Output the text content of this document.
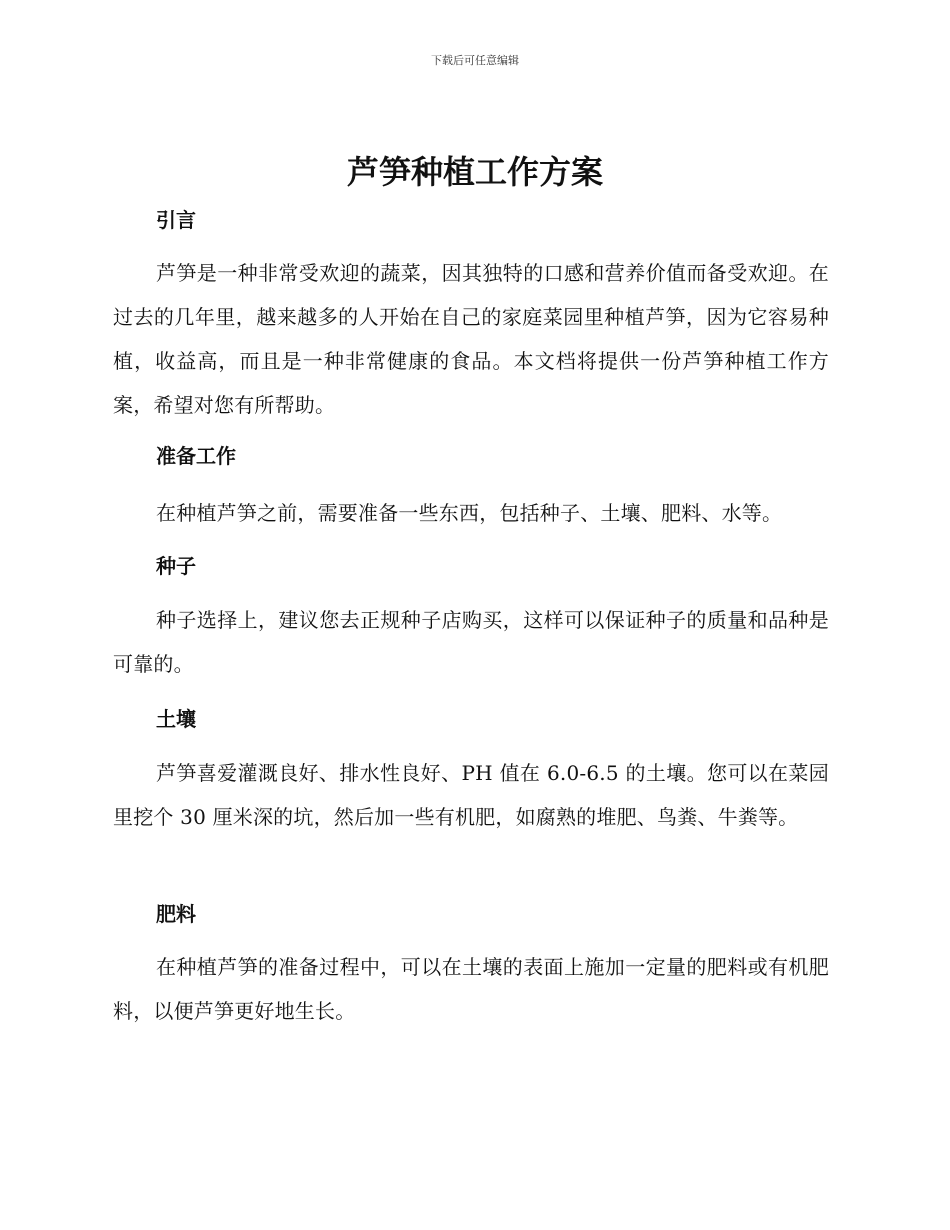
下载后可任意编辑
芦笋种植工作方案
引言

芦笋是一种非常受欢迎的蔬菜，因其独特的口感和营养价值而备受欢迎。在过去的几年里，越来越多的人开始在自己的家庭菜园里种植芦笋，因为它容易种植，收益高，而且是一种非常健康的食品。本文档将提供一份芦笋种植工作方案，希望对您有所帮助。

准备工作

在种植芦笋之前，需要准备一些东西，包括种子、土壤、肥料、水等。

种子

种子选择上，建议您去正规种子店购买，这样可以保证种子的质量和品种是可靠的。

土壤

芦笋喜爱灌溉良好、排水性良好、PH 值在 6.0-6.5 的土壤。您可以在菜园里挖个 30 厘米深的坑，然后加一些有机肥，如腐熟的堆肥、鸟粪、牛粪等。

肥料

在种植芦笋的准备过程中，可以在土壤的表面上施加一定量的肥料或有机肥料，以便芦笋更好地生长。
